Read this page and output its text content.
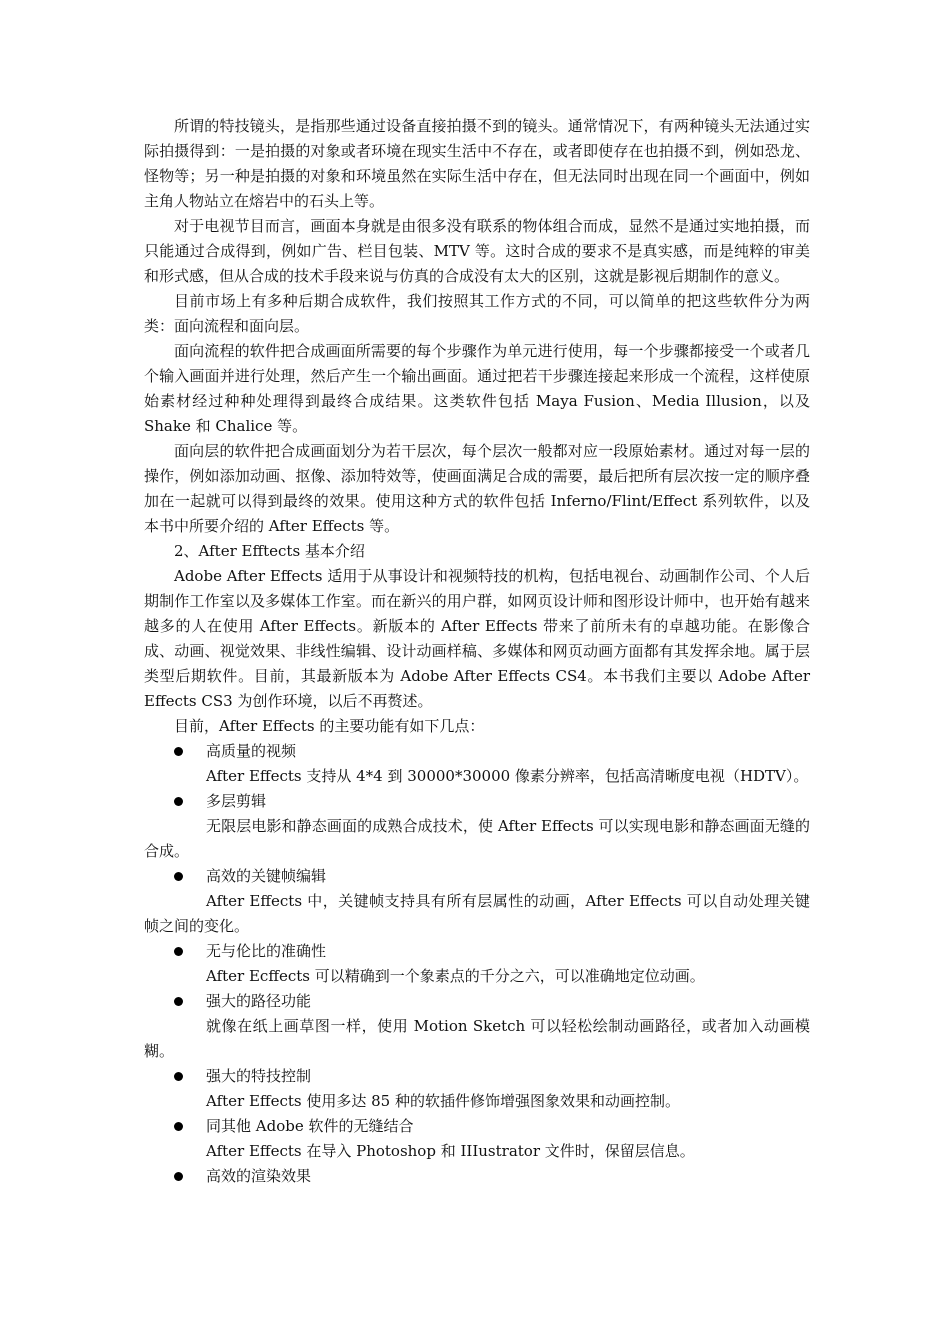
所谓的特技镜头，是指那些通过设备直接拍摄不到的镜头。通常情况下，有两种镜头无法通过实际拍摄得到：一是拍摄的对象或者环境在现实生活中不存在，或者即使存在也拍摄不到，例如恐龙、怪物等；另一种是拍摄的对象和环境虽然在实际生活中存在，但无法同时出现在同一个画面中，例如主角人物站立在熔岩中的石头上等。

对于电视节目而言，画面本身就是由很多没有联系的物体组合而成，显然不是通过实地拍摄，而只能通过合成得到，例如广告、栏目包装、MTV 等。这时合成的要求不是真实感，而是纯粹的审美和形式感，但从合成的技术手段来说与仿真的合成没有太大的区别，这就是影视后期制作的意义。

目前市场上有多种后期合成软件，我们按照其工作方式的不同，可以简单的把这些软件分为两类：面向流程和面向层。

面向流程的软件把合成画面所需要的每个步骤作为单元进行使用，每一个步骤都接受一个或者几个输入画面并进行处理，然后产生一个输出画面。通过把若干步骤连接起来形成一个流程，这样使原始素材经过种种处理得到最终合成结果。这类软件包括 Maya Fusion、Media Illusion，以及 Shake 和 Chalice 等。

面向层的软件把合成画面划分为若干层次，每个层次一般都对应一段原始素材。通过对每一层的操作，例如添加动画、抠像、添加特效等，使画面满足合成的需要，最后把所有层次按一定的顺序叠加在一起就可以得到最终的效果。使用这种方式的软件包括 Inferno/Flint/Effect 系列软件，以及本书中所要介绍的 After Effects 等。

2、After Efftects 基本介绍

Adobe After Effects 适用于从事设计和视频特技的机构，包括电视台、动画制作公司、个人后期制作工作室以及多媒体工作室。而在新兴的用户群，如网页设计师和图形设计师中，也开始有越来越多的人在使用 After Effects。新版本的 After Effects 带来了前所未有的卓越功能。在影像合成、动画、视觉效果、非线性编辑、设计动画样稿、多媒体和网页动画方面都有其发挥余地。属于层类型后期软件。目前，其最新版本为 Adobe After Effects CS4。本书我们主要以 Adobe After Effects CS3 为创作环境，以后不再赘述。

目前，After Effects 的主要功能有如下几点：

高质量的视频

After Effects 支持从 4*4 到 30000*30000 像素分辨率，包括高清晰度电视（HDTV）。

多层剪辑

无限层电影和静态画面的成熟合成技术，使 After Effects 可以实现电影和静态画面无缝的合成。

高效的关键帧编辑

After Effects 中，关键帧支持具有所有层属性的动画，After Effects 可以自动处理关键帧之间的变化。

无与伦比的准确性

After Ecffects 可以精确到一个象素点的千分之六，可以准确地定位动画。

强大的路径功能

就像在纸上画草图一样，使用 Motion Sketch 可以轻松绘制动画路径，或者加入动画模糊。

强大的特技控制

After Effects 使用多达 85 种的软插件修饰增强图象效果和动画控制。

同其他 Adobe 软件的无缝结合

After Effects 在导入 Photoshop 和 IIIustrator 文件时，保留层信息。

高效的渲染效果
